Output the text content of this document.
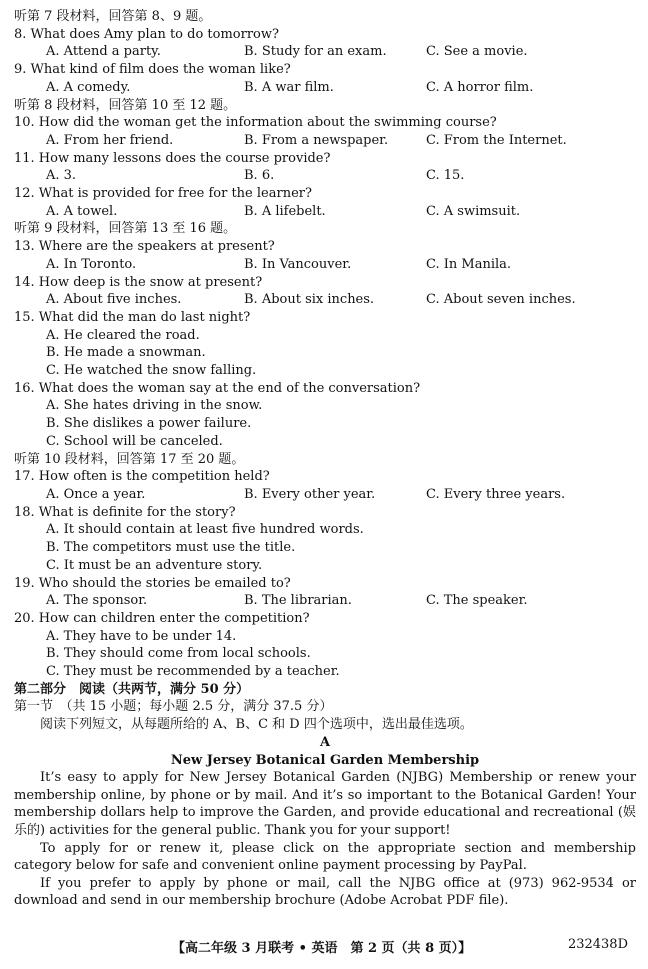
听第 7 段材料，回答第 8、9 题。
8. What does Amy plan to do tomorrow?
A. Attend a party.	B. Study for an exam.	C. See a movie.
9. What kind of film does the woman like?
A. A comedy.	B. A war film.	C. A horror film.
听第 8 段材料，回答第 10 至 12 题。
10. How did the woman get the information about the swimming course?
A. From her friend.	B. From a newspaper.	C. From the Internet.
11. How many lessons does the course provide?
A. 3.	B. 6.	C. 15.
12. What is provided for free for the learner?
A. A towel.	B. A lifebelt.	C. A swimsuit.
听第 9 段材料，回答第 13 至 16 题。
13. Where are the speakers at present?
A. In Toronto.	B. In Vancouver.	C. In Manila.
14. How deep is the snow at present?
A. About five inches.	B. About six inches.	C. About seven inches.
15. What did the man do last night?
A. He cleared the road.
B. He made a snowman.
C. He watched the snow falling.
16. What does the woman say at the end of the conversation?
A. She hates driving in the snow.
B. She dislikes a power failure.
C. School will be canceled.
听第 10 段材料，回答第 17 至 20 题。
17. How often is the competition held?
A. Once a year.	B. Every other year.	C. Every three years.
18. What is definite for the story?
A. It should contain at least five hundred words.
B. The competitors must use the title.
C. It must be an adventure story.
19. Who should the stories be emailed to?
A. The sponsor.	B. The librarian.	C. The speaker.
20. How can children enter the competition?
A. They have to be under 14.
B. They should come from local schools.
C. They must be recommended by a teacher.
第二部分　阅读（共两节，满分 50 分）
第一节　（共 15 小题；每小题 2.5 分，满分 37.5 分）
阅读下列短文，从每题所给的 A、B、C 和 D 四个选项中，选出最佳选项。
A
New Jersey Botanical Garden Membership
It’s easy to apply for New Jersey Botanical Garden (NJBG) Membership or renew your membership online, by phone or by mail. And it’s so important to the Botanical Garden! Your membership dollars help to improve the Garden, and provide educational and recreational (娱乐的) activities for the general public. Thank you for your support!
To apply for or renew it, please click on the appropriate section and membership category below for safe and convenient online payment processing by PayPal.
If you prefer to apply by phone or mail, call the NJBG office at (973) 962-9534 or download and send in our membership brochure (Adobe Acrobat PDF file).
【高二年级 3 月联考 • 英语　第 2 页（共 8 页）】	232438D
